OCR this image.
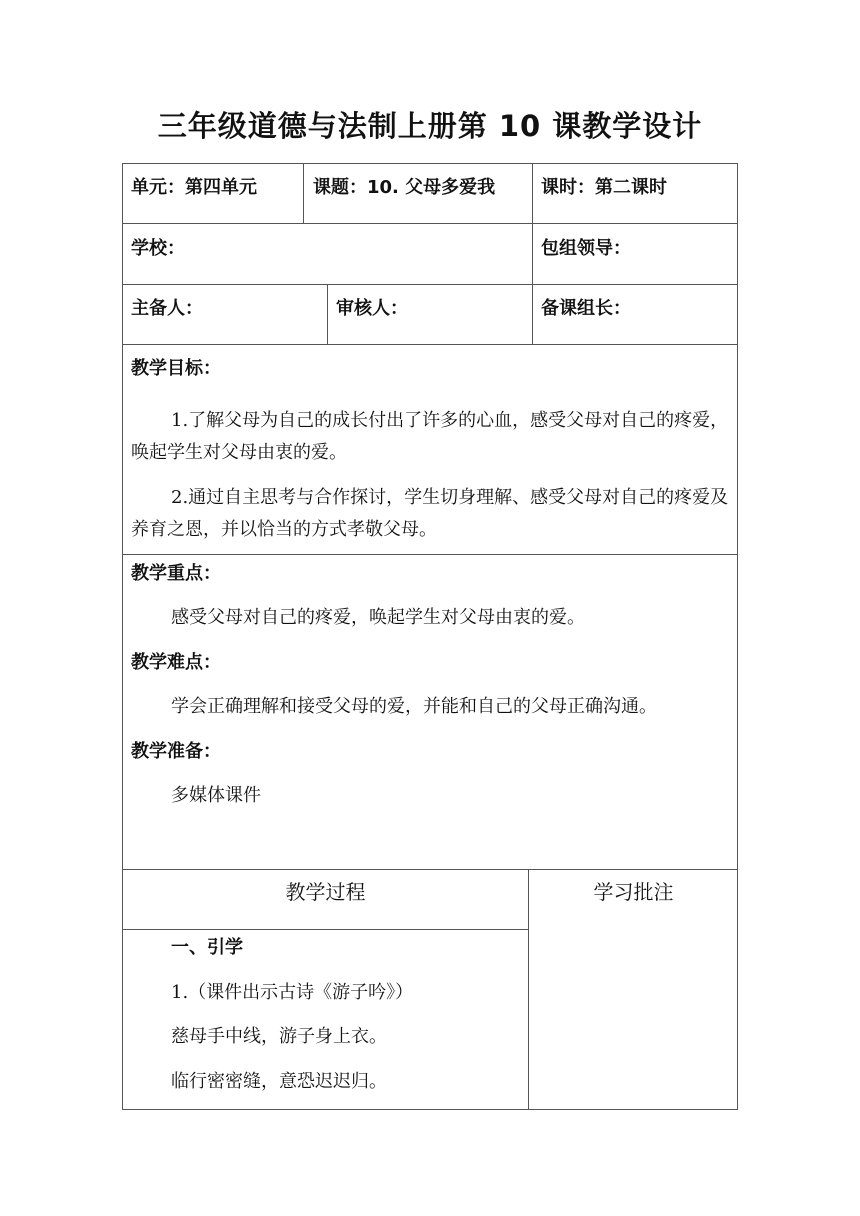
三年级道德与法制上册第 10 课教学设计
单元：第四单元	课题：10. 父母多爱我	课时：第二课时
学校：	包组领导：
主备人：	审核人：	备课组长：
教学目标：
1.了解父母为自己的成长付出了许多的心血，感受父母对自己的疼爱，唤起学生对父母由衷的爱。
2.通过自主思考与合作探讨，学生切身理解、感受父母对自己的疼爱及养育之恩，并以恰当的方式孝敬父母。
教学重点：
感受父母对自己的疼爱，唤起学生对父母由衷的爱。
教学难点：
学会正确理解和接受父母的爱，并能和自己的父母正确沟通。
教学准备：
多媒体课件
教学过程	学习批注
一、引学
1.（课件出示古诗《游子吟》）
慈母手中线，游子身上衣。
临行密密缝，意恐迟迟归。
